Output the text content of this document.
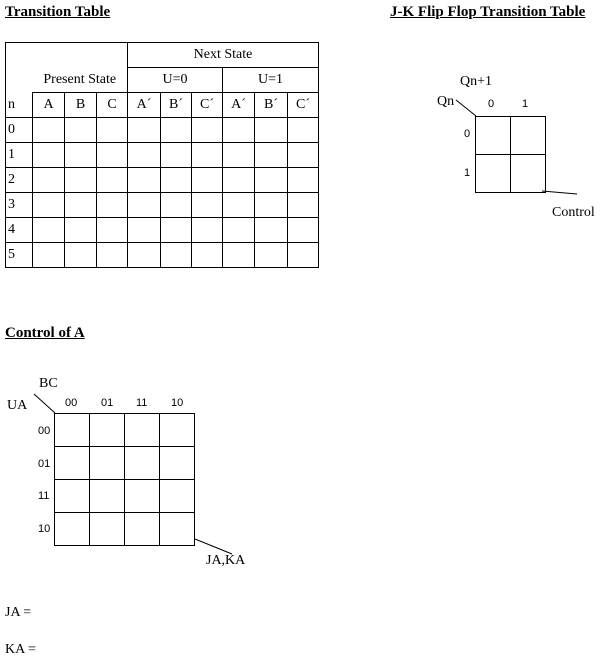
Transition Table	J-K Flip Flop Transition Table
				Next State					
	Present State			U=0			U=1		
n	A	B	C	A´	B´	C´	A´	B´	C´
0									
1									
2									
3									
4									
5									
Qn+1
Qn	0	1
0
1

Control
Control of A
BC
UA	00 01 11 10
00
01
11
10

JA,KA
JA =
KA =
